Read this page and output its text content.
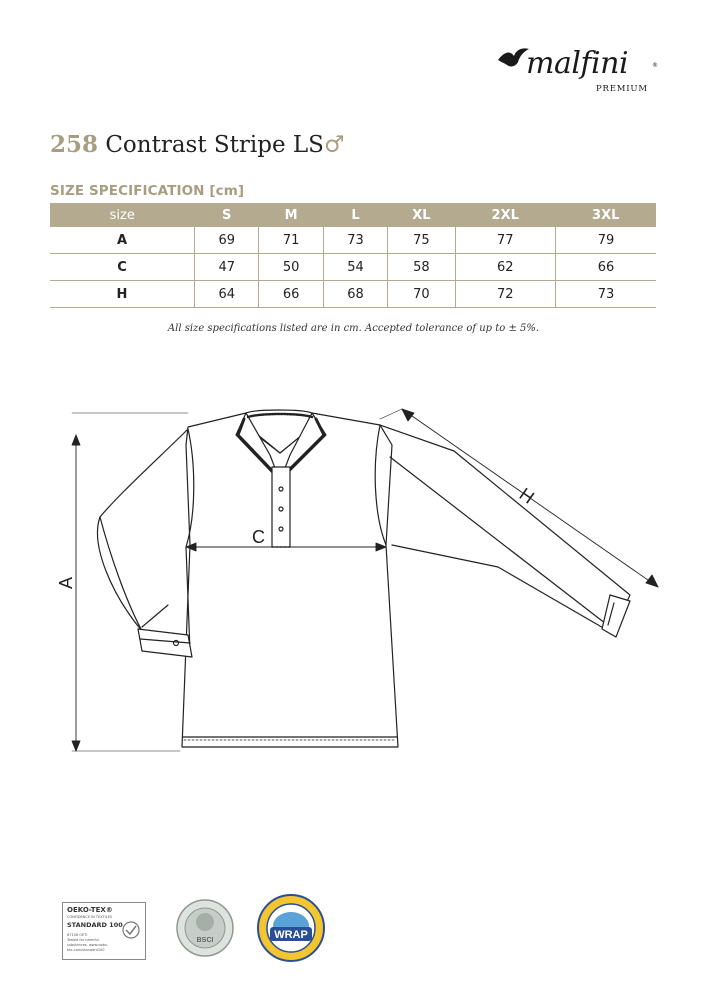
malfini	®
PREMIUM
258 Contrast Stripe LS♂
SIZE SPECIFICATION [cm]
size	S	M	L	XL	2XL	3XL
A	69	71	73	75	77	79
C	47	50	54	58	62	66
H	64	66	68	70	72	73
All size specifications listed are in cm. Accepted tolerance of up to ± 5%.
A
C
H
OEKO-TEX®
CONFIDENCE IN TEXTILES
STANDARD 100
67158 OETI
Tested for harmful substances. www.oeko-tex.com/standard100
BSCI	WRAP
